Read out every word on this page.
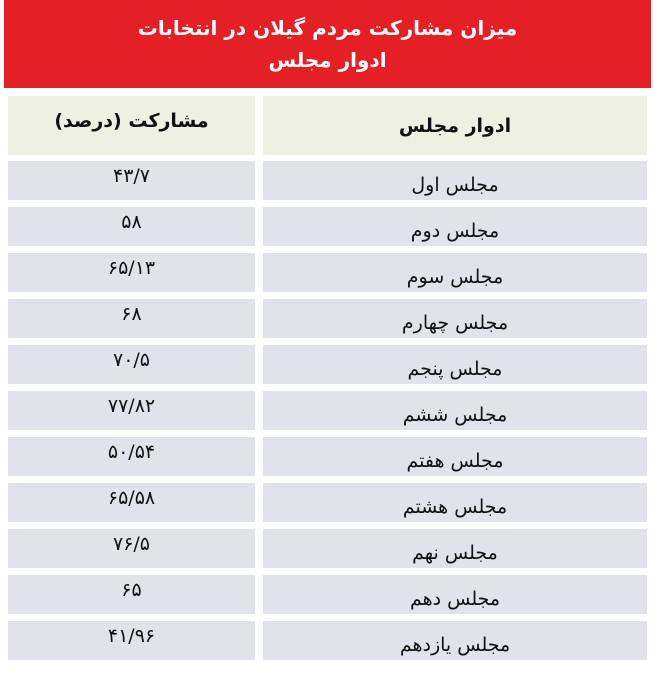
میزان مشارکت مردم گیلان در انتخابات
ادوار مجلس
ادوار مجلس
مشارکت (درصد)
مجلس اول
۴۳/۷
مجلس دوم
۵۸
مجلس سوم
۶۵/۱۳
مجلس چهارم
۶۸
مجلس پنجم
۷۰/۵
مجلس ششم
۷۷/۸۲
مجلس هفتم
۵۰/۵۴
مجلس هشتم
۶۵/۵۸
مجلس نهم
۷۶/۵
مجلس دهم
۶۵
مجلس یازدهم
۴۱/۹۶
